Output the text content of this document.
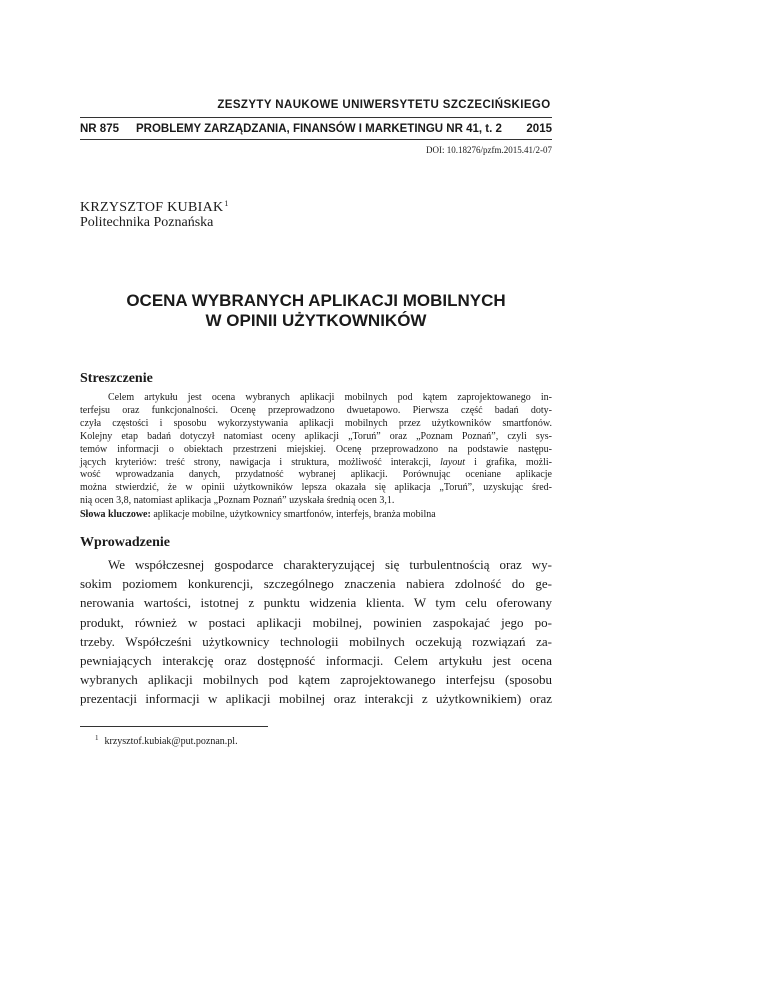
ZESZYTY NAUKOWE UNIWERSYTETU SZCZECIŃSKIEGO
NR 875 PROBLEMY ZARZĄDZANIA, FINANSÓW I MARKETINGU NR 41, t. 2 2015
DOI: 10.18276/pzfm.2015.41/2-07
KRZYSZTOF KUBIAK$^1$
Politechnika Poznańska
OCENA WYBRANYCH APLIKACJI MOBILNYCH
W OPINII UŻYTKOWNIKÓW
Streszczenie
Celem artykułu jest ocena wybranych aplikacji mobilnych pod kątem zaprojektowanego in-
terfejsu oraz funkcjonalności. Ocenę przeprowadzono dwuetapowo. Pierwsza część badań doty-
czyła częstości i sposobu wykorzystywania aplikacji mobilnych przez użytkowników smartfonów.
Kolejny etap badań dotyczył natomiast oceny aplikacji „Toruń” oraz „Poznam Poznań”, czyli sys-
temów informacji o obiektach przestrzeni miejskiej. Ocenę przeprowadzono na podstawie następu-
jących kryteriów: treść strony, nawigacja i struktura, możliwość interakcji, layout i grafika, możli-
wość wprowadzania danych, przydatność wybranej aplikacji. Porównując oceniane aplikacje
można stwierdzić, że w opinii użytkowników lepsza okazała się aplikacja „Toruń”, uzyskując śred-
nią ocen 3,8, natomiast aplikacja „Poznam Poznań” uzyskała średnią ocen 3,1.
Słowa kluczowe: aplikacje mobilne, użytkownicy smartfonów, interfejs, branża mobilna
Wprowadzenie
We współczesnej gospodarce charakteryzującej się turbulentnością oraz wy-
sokim poziomem konkurencji, szczególnego znaczenia nabiera zdolność do ge-
nerowania wartości, istotnej z punktu widzenia klienta. W tym celu oferowany
produkt, również w postaci aplikacji mobilnej, powinien zaspokajać jego po-
trzeby. Współcześni użytkownicy technologii mobilnych oczekują rozwiązań za-
pewniających interakcję oraz dostępność informacji. Celem artykułu jest ocena
wybranych aplikacji mobilnych pod kątem zaprojektowanego interfejsu (sposobu
prezentacji informacji w aplikacji mobilnej oraz interakcji z użytkownikiem) oraz
$^1$ krzysztof.kubiak@put.poznan.pl.
